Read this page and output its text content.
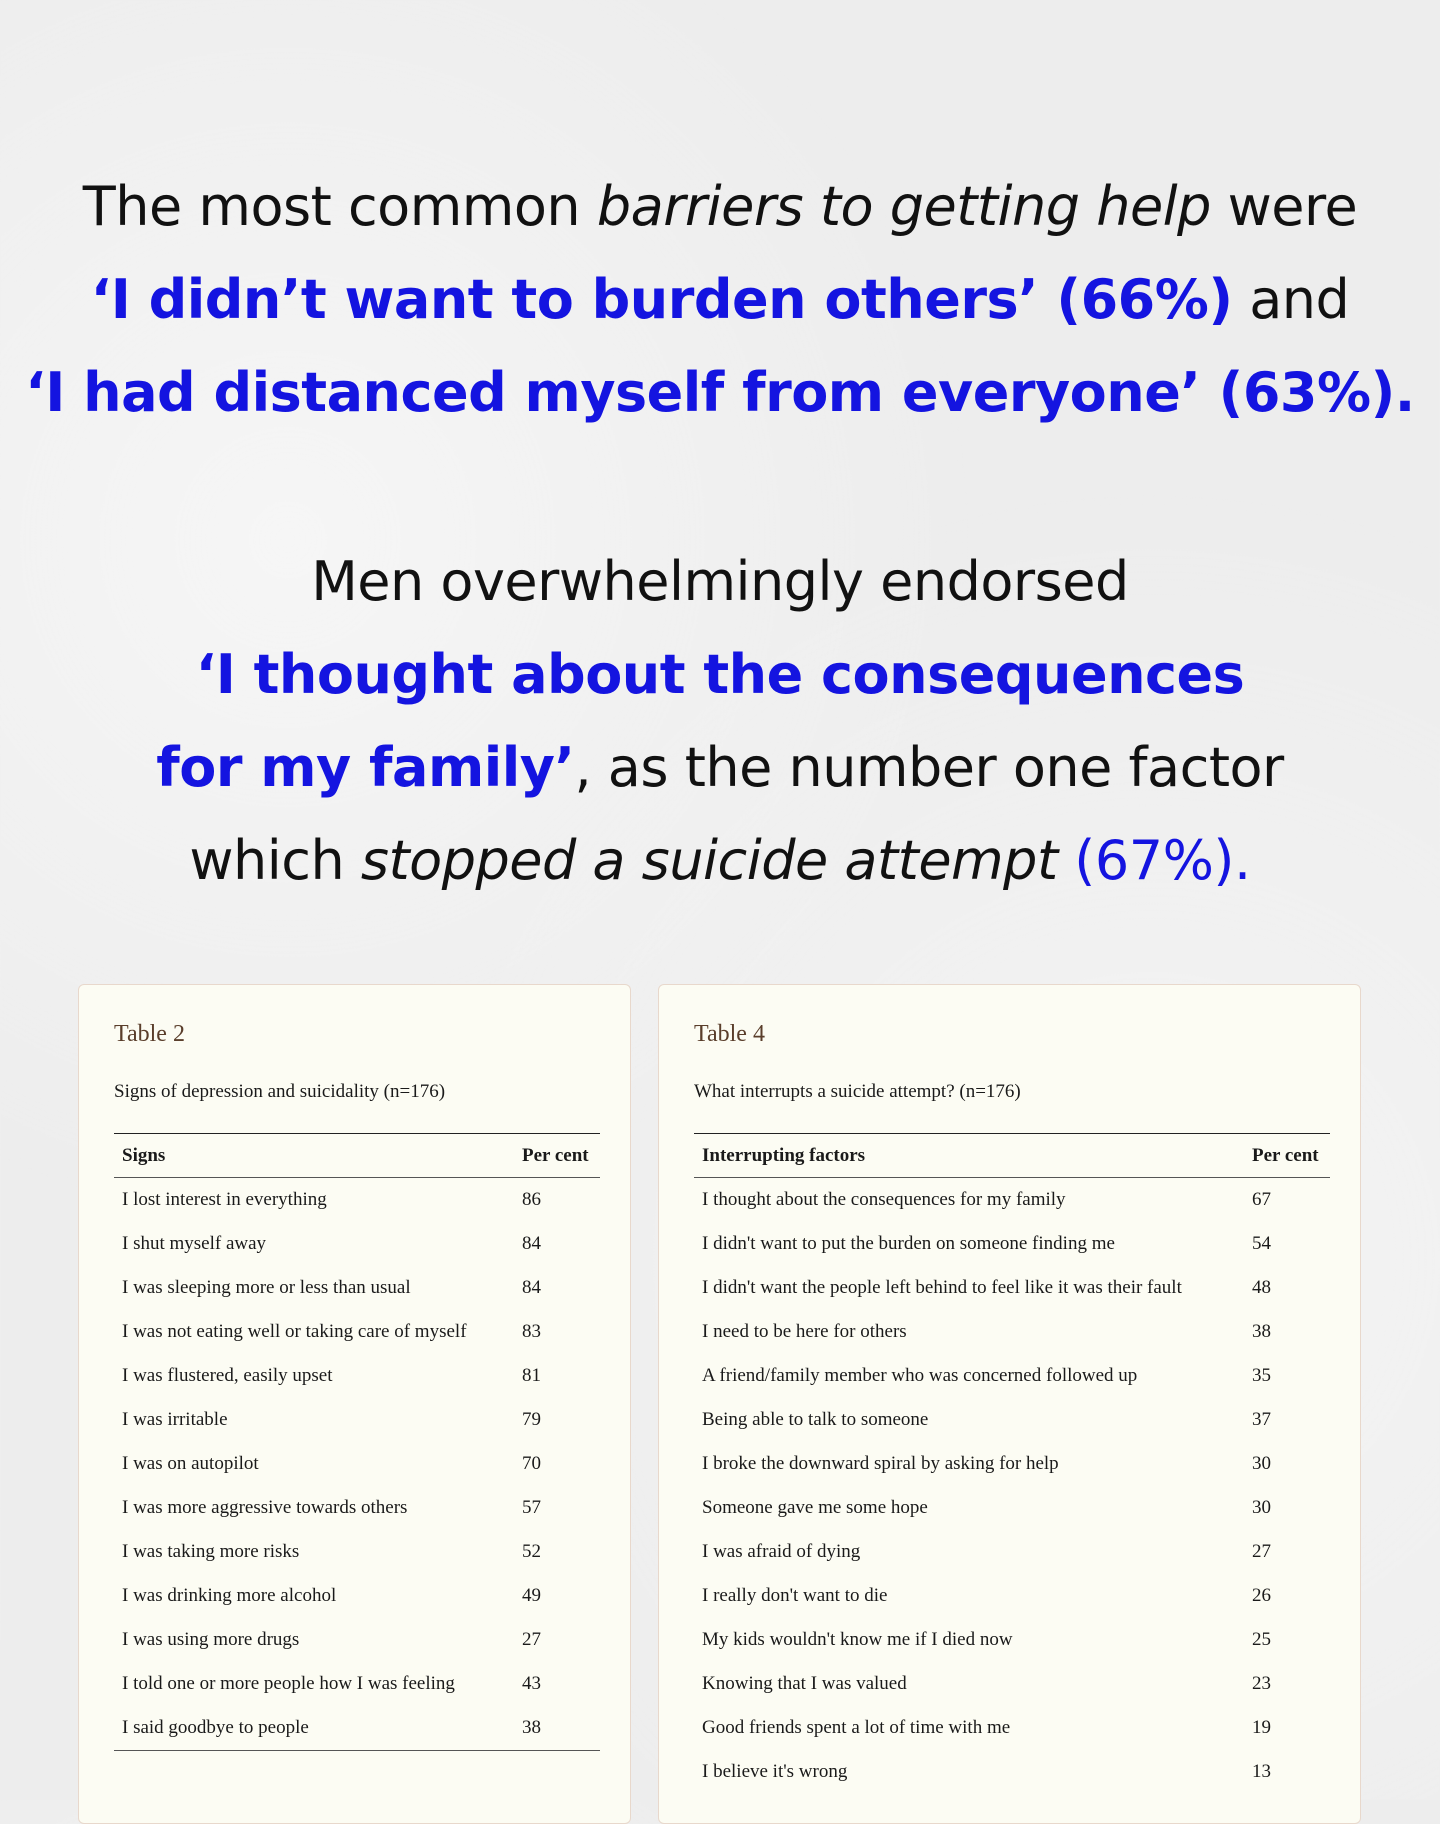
The most common barriers to getting help were
‘I didn’t want to burden others’ (66%) and
‘I had distanced myself from everyone’ (63%).
Men overwhelmingly endorsed
‘I thought about the consequences
for my family’, as the number one factor
which stopped a suicide attempt (67%).
Table 2
Signs of depression and suicidality (n=176)
Signs	Per cent
I lost interest in everything	86
I shut myself away	84
I was sleeping more or less than usual	84
I was not eating well or taking care of myself	83
I was flustered, easily upset	81
I was irritable	79
I was on autopilot	70
I was more aggressive towards others	57
I was taking more risks	52
I was drinking more alcohol	49
I was using more drugs	27
I told one or more people how I was feeling	43
I said goodbye to people	38
Table 4
What interrupts a suicide attempt? (n=176)
Interrupting factors	Per cent
I thought about the consequences for my family	67
I didn't want to put the burden on someone finding me	54
I didn't want the people left behind to feel like it was their fault	48
I need to be here for others	38
A friend/family member who was concerned followed up	35
Being able to talk to someone	37
I broke the downward spiral by asking for help	30
Someone gave me some hope	30
I was afraid of dying	27
I really don't want to die	26
My kids wouldn't know me if I died now	25
Knowing that I was valued	23
Good friends spent a lot of time with me	19
I believe it's wrong	13
